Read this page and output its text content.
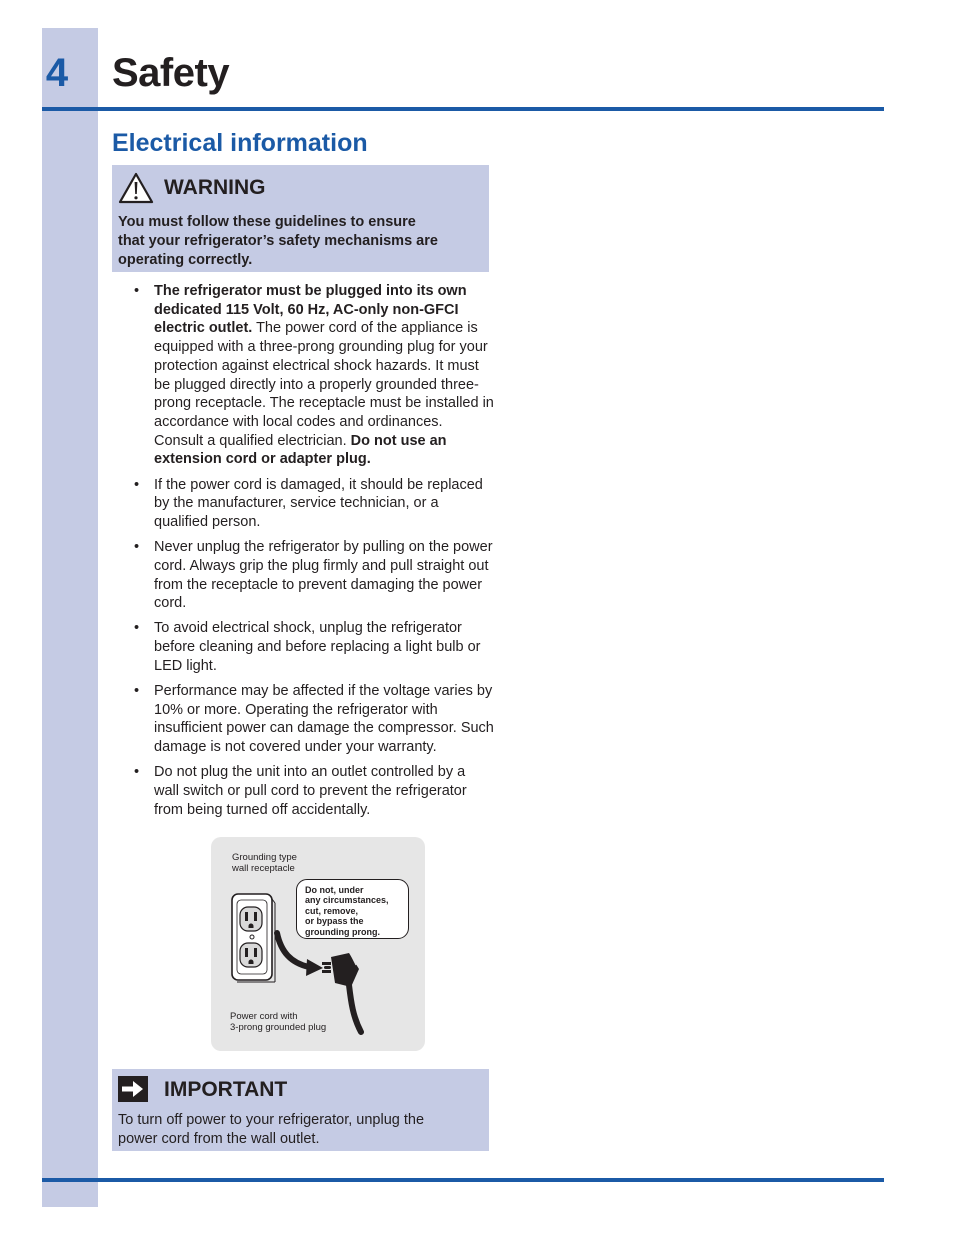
4 Safety
Electrical information
WARNING
You must follow these guidelines to ensure
that your refrigerator’s safety mechanisms are
operating correctly.
• The refrigerator must be plugged into its own dedicated 115 Volt, 60 Hz, AC-only non-GFCI electric outlet. The power cord of the appliance is equipped with a three-prong grounding plug for your protection against electrical shock hazards. It must be plugged directly into a properly grounded three-prong receptacle. The receptacle must be installed in accordance with local codes and ordinances. Consult a qualified electrician. Do not use an extension cord or adapter plug.
• If the power cord is damaged, it should be replaced by the manufacturer, service technician, or a qualified person.
• Never unplug the refrigerator by pulling on the power cord. Always grip the plug firmly and pull straight out from the receptacle to prevent damaging the power cord.
• To avoid electrical shock, unplug the refrigerator before cleaning and before replacing a light bulb or LED light.
• Performance may be affected if the voltage varies by 10% or more. Operating the refrigerator with insufficient power can damage the compressor. Such damage is not covered under your warranty.
• Do not plug the unit into an outlet controlled by a wall switch or pull cord to prevent the refrigerator from being turned off accidentally.
Grounding type
wall receptacle
Do not, under
any circumstances,
cut, remove,
or bypass the
grounding prong.
Power cord with
3-prong grounded plug
IMPORTANT
To turn off power to your refrigerator, unplug the
power cord from the wall outlet.
